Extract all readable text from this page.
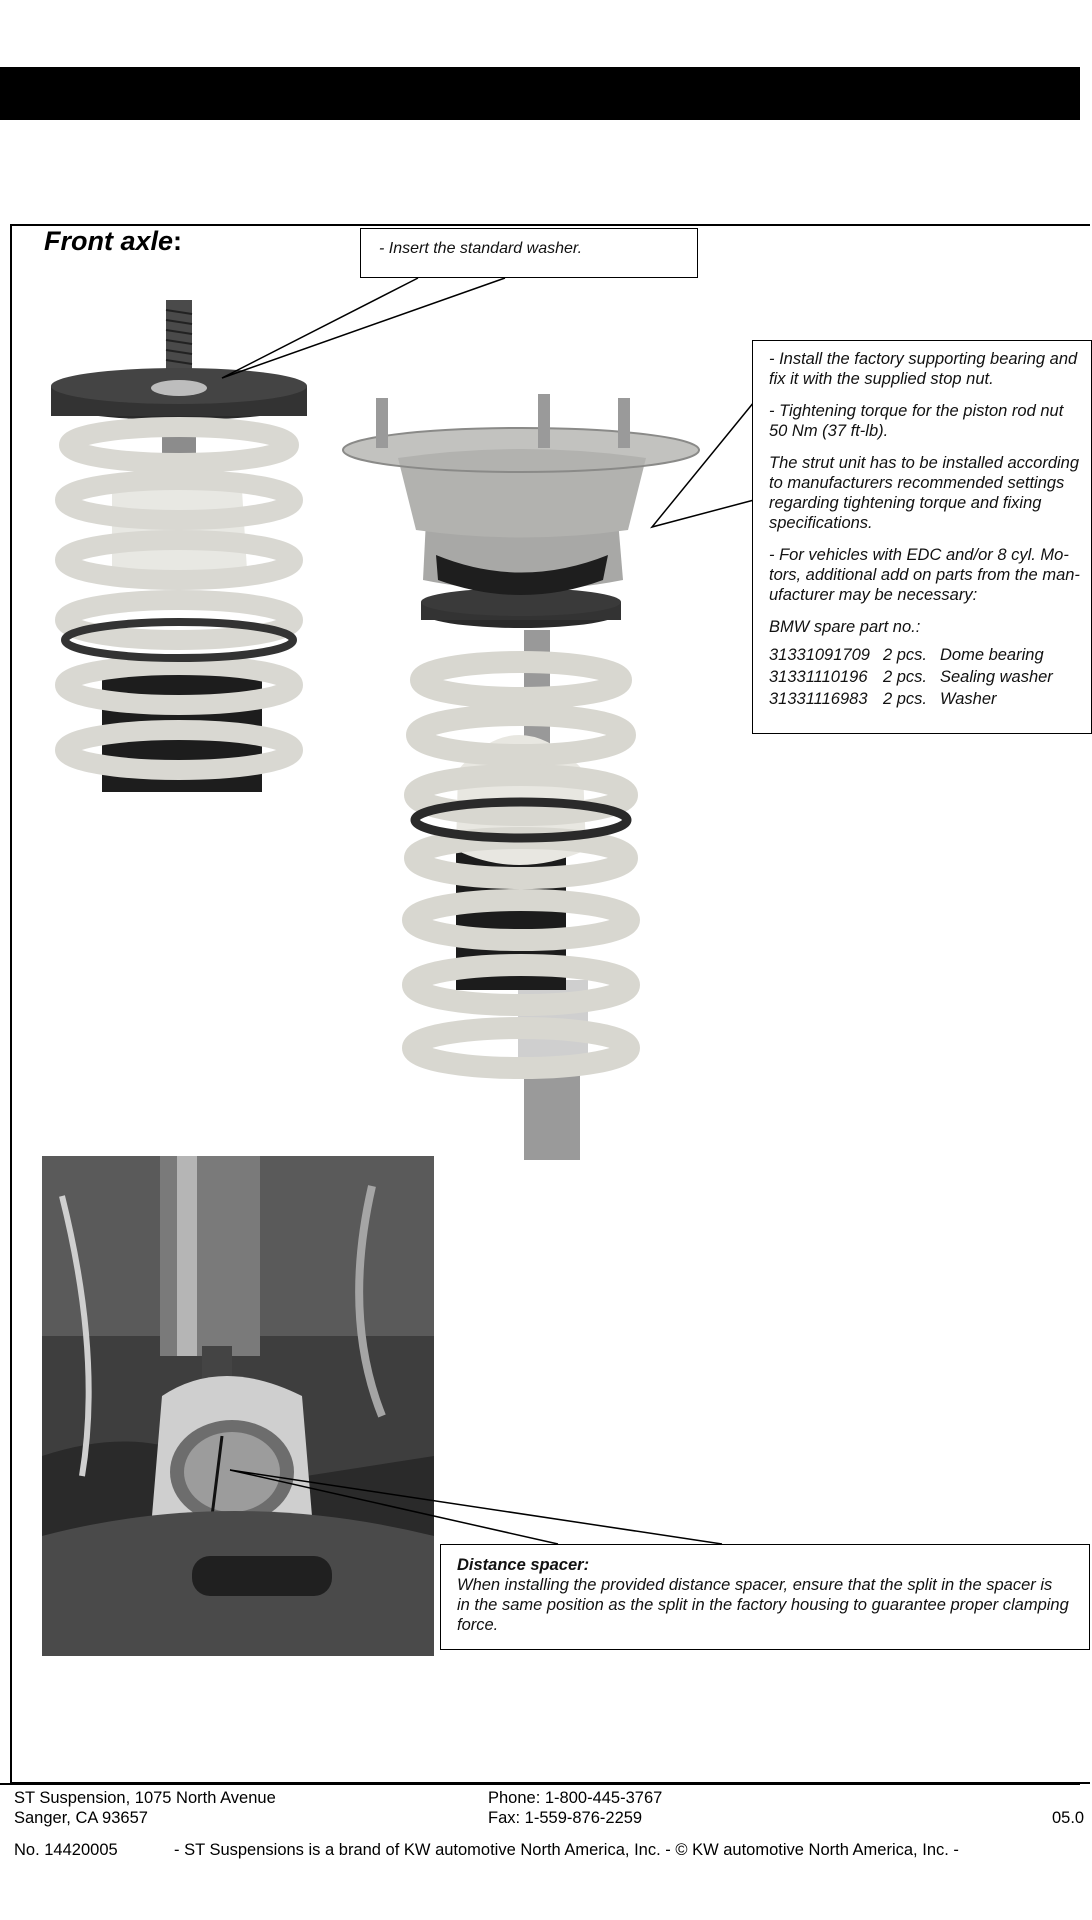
Front axle:	- Insert the standard washer.

- Install the factory supporting bearing and
fix it with the supplied stop nut.

- Tightening torque for the piston rod nut
50 Nm (37 ft-lb).

The strut unit has to be installed according
to manufacturers recommended settings
regarding tightening torque and fixing
specifications.

- For vehicles with EDC and/or 8 cyl. Mo-
tors, additional add on parts from the man-
ufacturer may be necessary:

BMW spare part no.:

31331091709	2 pcs.	Dome bearing
31331110196	2 pcs.	Sealing washer
31331116983	2 pcs.	Washer

Distance spacer:

When installing the provided distance spacer, ensure that the split in the spacer is

in the same position as the split in the factory housing to guarantee proper clamping

force.

ST Suspension, 1075 North Avenue
Sanger, CA 93657
Phone: 1-800-445-3767
Fax: 1-559-876-2259	05.0
No. 14420005	- ST Suspensions is a brand of KW automotive North America, Inc. - © KW automotive North America, Inc. -
